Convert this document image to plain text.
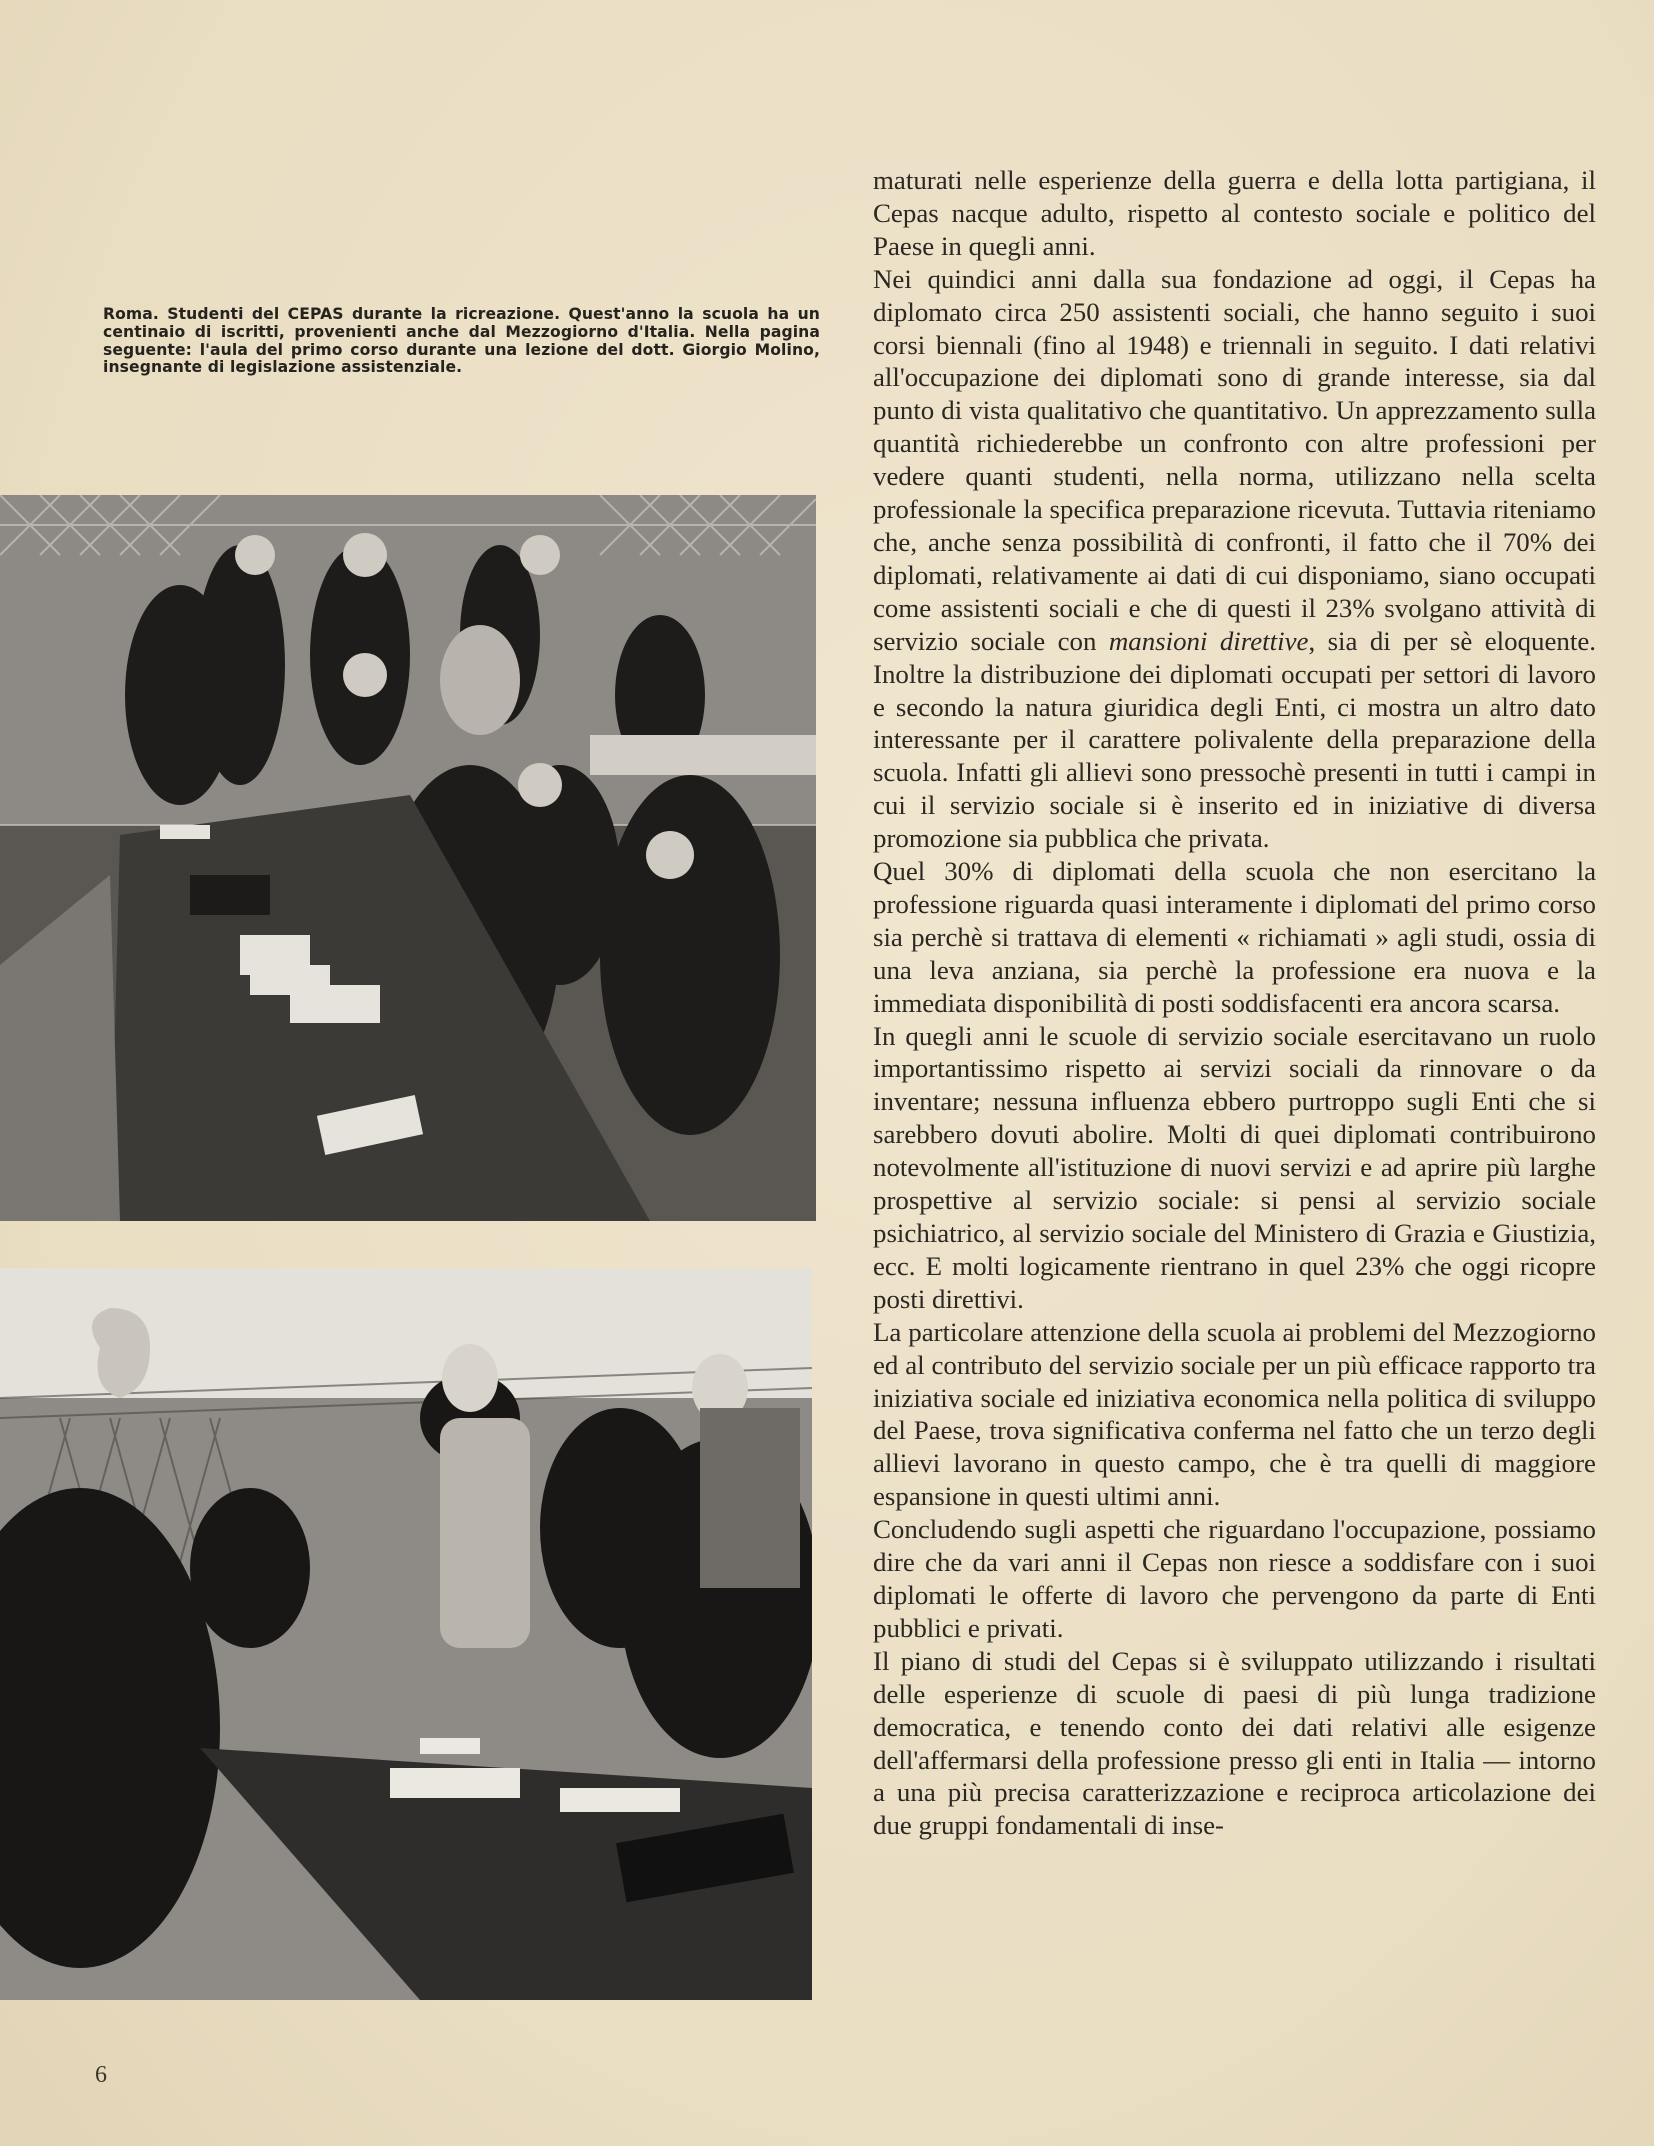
Roma. Studenti del CEPAS durante la ricreazione. Quest'anno la scuola ha un centinaio di iscritti, provenienti anche dal Mezzogiorno d'Italia. Nella pagina seguente: l'aula del primo corso durante una lezione del dott. Giorgio Molino, insegnante di legislazione assistenziale.

maturati nelle esperienze della guerra e della lotta partigiana, il Cepas nacque adulto, rispetto al contesto sociale e politico del Paese in quegli anni.

Nei quindici anni dalla sua fondazione ad oggi, il Cepas ha diplomato circa 250 assistenti sociali, che hanno seguito i suoi corsi biennali (fino al 1948) e triennali in seguito. I dati relativi all'occupazione dei diplomati sono di grande interesse, sia dal punto di vista qualitativo che quantitativo. Un apprezzamento sulla quantità richiederebbe un confronto con altre professioni per vedere quanti studenti, nella norma, utilizzano nella scelta professionale la specifica preparazione ricevuta. Tuttavia riteniamo che, anche senza possibilità di confronti, il fatto che il 70% dei diplomati, relativamente ai dati di cui disponiamo, siano occupati come assistenti sociali e che di questi il 23% svolgano attività di servizio sociale con mansioni direttive, sia di per sè eloquente. Inoltre la distribuzione dei diplomati occupati per settori di lavoro e secondo la natura giuridica degli Enti, ci mostra un altro dato interessante per il carattere polivalente della preparazione della scuola. Infatti gli allievi sono pressochè presenti in tutti i campi in cui il servizio sociale si è inserito ed in iniziative di diversa promozione sia pubblica che privata.

Quel 30% di diplomati della scuola che non esercitano la professione riguarda quasi interamente i diplomati del primo corso sia perchè si trattava di elementi « richiamati » agli studi, ossia di una leva anziana, sia perchè la professione era nuova e la immediata disponibilità di posti soddisfacenti era ancora scarsa.

In quegli anni le scuole di servizio sociale esercitavano un ruolo importantissimo rispetto ai servizi sociali da rinnovare o da inventare; nessuna influenza ebbero purtroppo sugli Enti che si sarebbero dovuti abolire. Molti di quei diplomati contribuirono notevolmente all'istituzione di nuovi servizi e ad aprire più larghe prospettive al servizio sociale: si pensi al servizio sociale psichiatrico, al servizio sociale del Ministero di Grazia e Giustizia, ecc. E molti logicamente rientrano in quel 23% che oggi ricopre posti direttivi.

La particolare attenzione della scuola ai problemi del Mezzogiorno ed al contributo del servizio sociale per un più efficace rapporto tra iniziativa sociale ed iniziativa economica nella politica di sviluppo del Paese, trova significativa conferma nel fatto che un terzo degli allievi lavorano in questo campo, che è tra quelli di maggiore espansione in questi ultimi anni.

Concludendo sugli aspetti che riguardano l'occupazione, possiamo dire che da vari anni il Cepas non riesce a soddisfare con i suoi diplomati le offerte di lavoro che pervengono da parte di Enti pubblici e privati.

Il piano di studi del Cepas si è sviluppato utilizzando i risultati delle esperienze di scuole di paesi di più lunga tradizione democratica, e tenendo conto dei dati relativi alle esigenze dell'affermarsi della professione presso gli enti in Italia — intorno a una più precisa caratterizzazione e reciproca articolazione dei due gruppi fondamentali di inse-

6
